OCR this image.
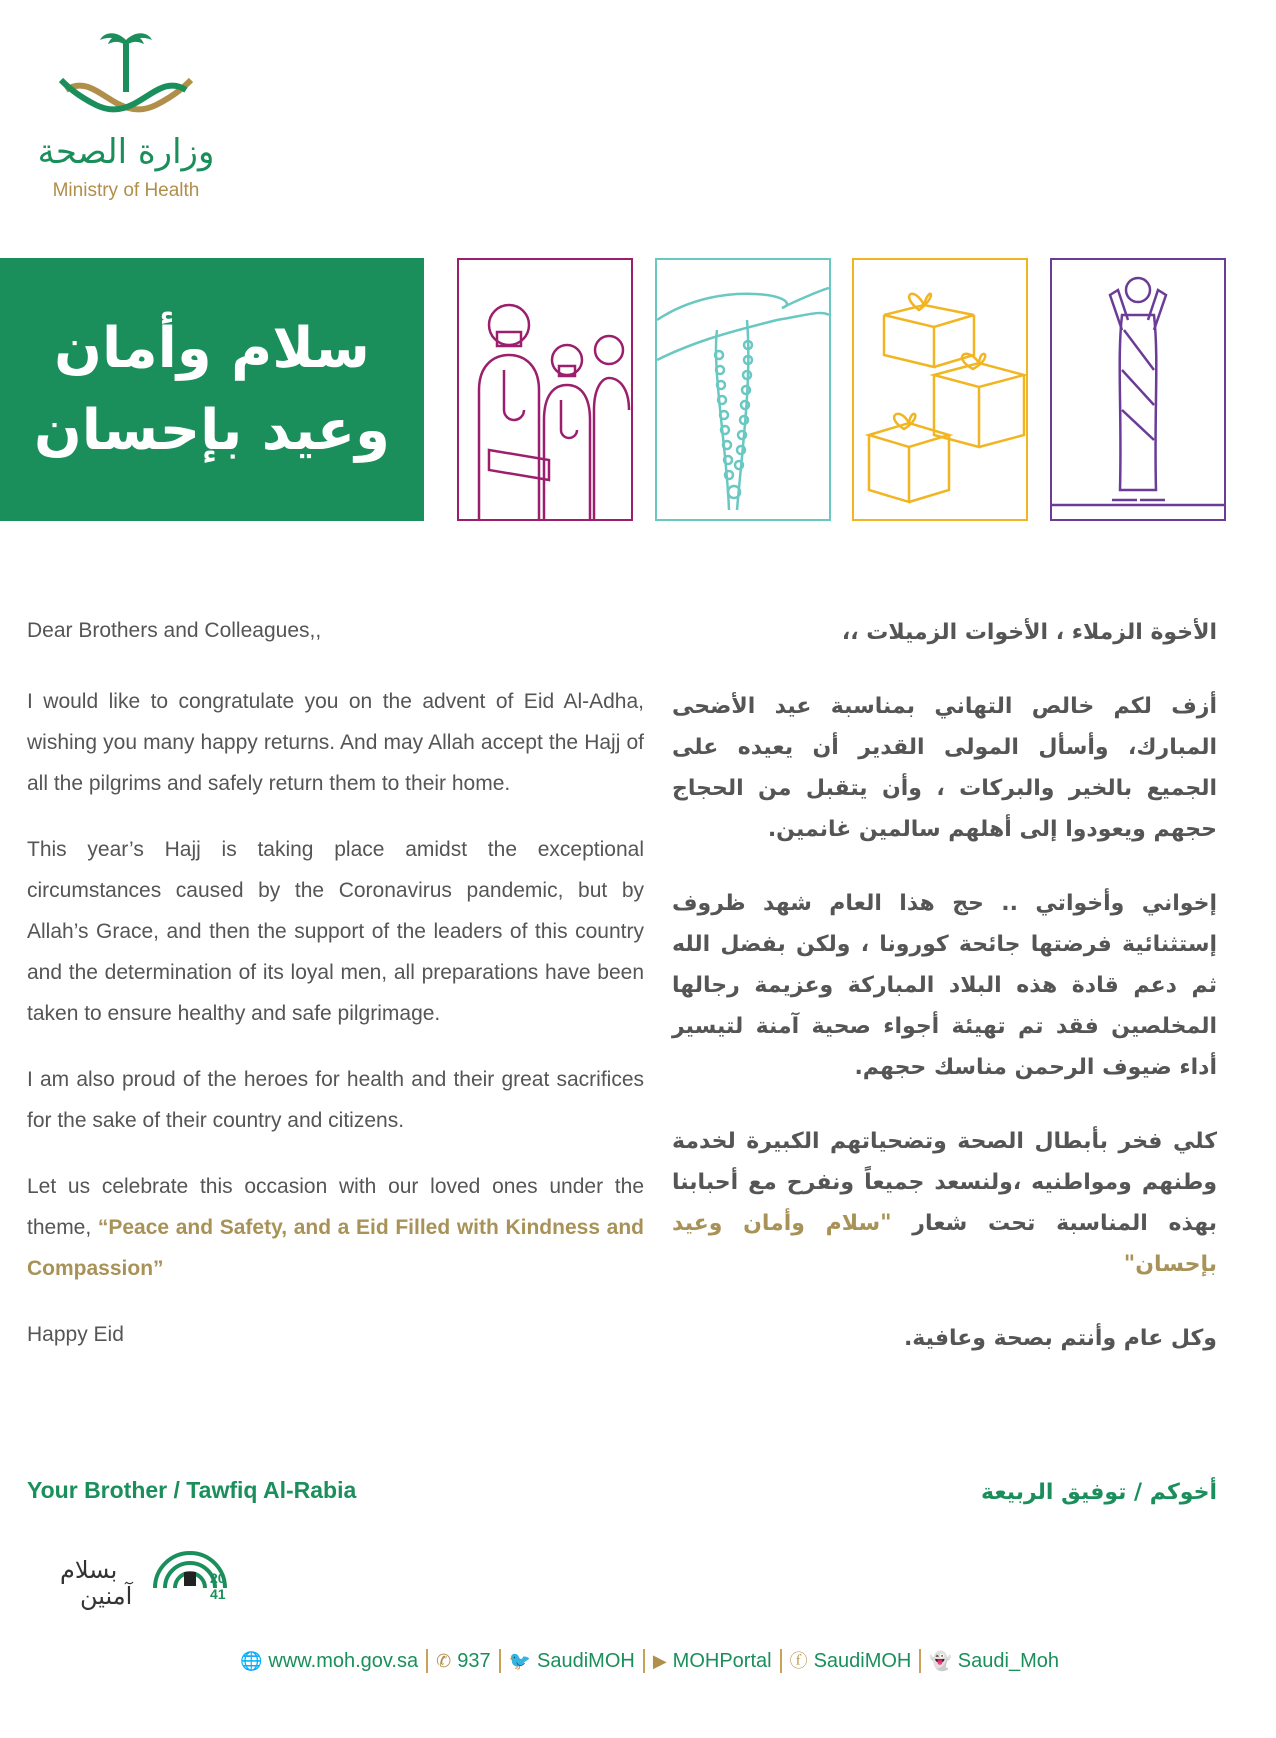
وزارة الصحة
Ministry of Health
سلام وأمان
وعيد بإحسان

Dear Brothers and Colleagues,,

I would like to congratulate you on the advent of Eid Al-Adha, wishing you many happy returns. And may Allah accept the Hajj of all the pilgrims and safely return them to their home.

This year’s Hajj is taking place amidst the exceptional circumstances caused by the Coronavirus pandemic, but by Allah’s Grace, and then the support of the leaders of this country and the determination of its loyal men, all preparations have been taken to ensure healthy and safe pilgrimage.

I am also proud of the heroes for health and their great sacrifices for the sake of their country and citizens.

Let us celebrate this occasion with our loved ones under the theme, “Peace and Safety, and a Eid Filled with Kindness and Compassion”

Happy Eid

Your Brother / Tawfiq Al-Rabia

الأخوة الزملاء ، الأخوات الزميلات ،،

أزف لكم خالص التهاني بمناسبة عيد الأضحى المبارك، وأسأل المولى القدير أن يعيده على الجميع بالخير والبركات ، وأن يتقبل من الحجاج حجهم ويعودوا إلى أهلهم سالمين غانمين.

إخواني وأخواتي .. حج هذا العام شهد ظروف إستثنائية فرضتها جائحة كورونا ، ولكن بفضل الله ثم دعم قادة هذه البلاد المباركة وعزيمة رجالها المخلصين فقد تم تهيئة أجواء صحية آمنة لتيسير أداء ضيوف الرحمن مناسك حجهم.

كلي فخر بأبطال الصحة وتضحياتهم الكبيرة لخدمة وطنهم ومواطنيه ،ولنسعد جميعاً ونفرح مع أحبابنا بهذه المناسبة تحت شعار "سلام وأمان وعيد بإحسان"

وكل عام وأنتم بصحة وعافية.

أخوكم / توفيق الربيعة
بسلام
آمنين
20
41
🌐 www.moh.gov.sa ✆ 937 🐦 SaudiMOH ▶ MOHPortal ⓕ SaudiMOH 👻 Saudi_Moh
